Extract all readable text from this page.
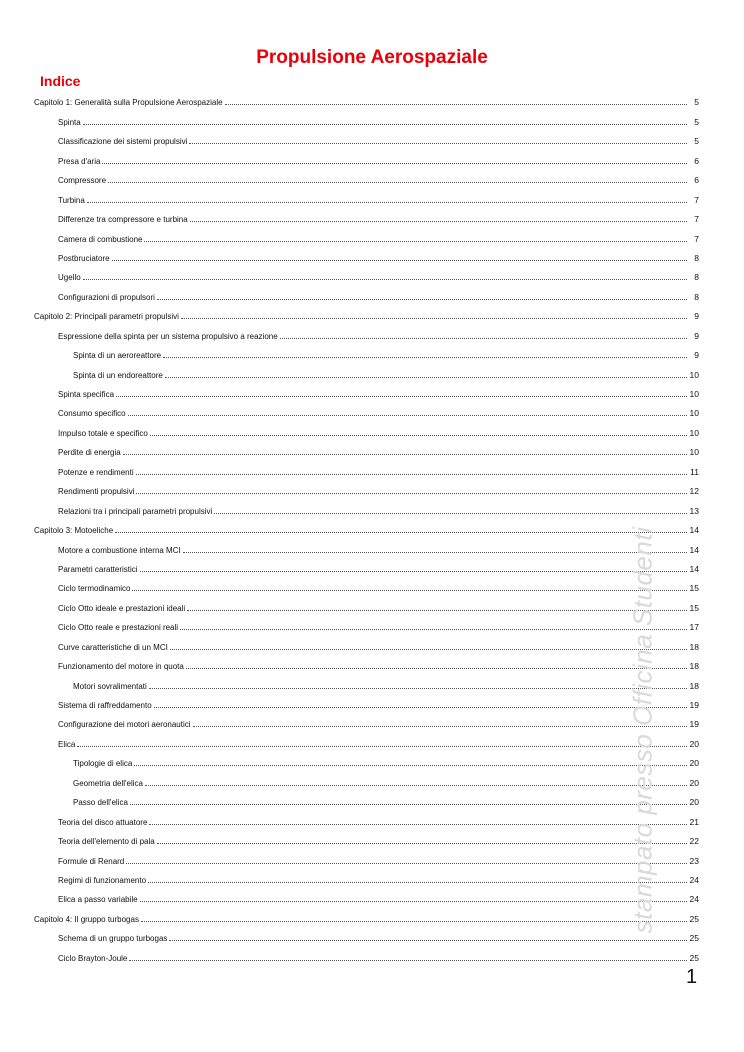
Propulsione Aerospaziale
Indice
Capitolo 1: Generalità sulla Propulsione Aerospaziale	5
Spinta	5
Classificazione dei sistemi propulsivi	5
Presa d'aria	6
Compressore	6
Turbina	7
Differenze tra compressore e turbina	7
Camera di combustione	7
Postbruciatore	8
Ugello	8
Configurazioni di propulsori	8
Capitolo 2: Principali parametri propulsivi	9
Espressione della spinta per un sistema propulsivo a reazione	9
Spinta di un aeroreattore	9
Spinta di un endoreattore	10
Spinta specifica	10
Consumo specifico	10
Impulso totale e specifico	10
Perdite di energia	10
Potenze e rendimenti	11
Rendimenti propulsivi	12
Relazioni tra i principali parametri propulsivi	13
Capitolo 3: Motoeliche	14
Motore a combustione interna MCI	14
Parametri caratteristici	14
Ciclo termodinamico	15
Ciclo Otto ideale e prestazioni ideali	15
Ciclo Otto reale e prestazioni reali	17
Curve caratteristiche di un MCI	18
Funzionamento del motore in quota	18
Motori sovralimentati	18
Sistema di raffreddamento	19
Configurazione dei motori aeronautici	19
Elica	20
Tipologie di elica	20
Geometria dell'elica	20
Passo dell'elica	20
Teoria del disco attuatore	21
Teoria dell'elemento di pala	22
Formule di Renard	23
Regimi di funzionamento	24
Elica a passo variabile	24
Capitolo 4: Il gruppo turbogas	25
Schema di un gruppo turbogas	25
Ciclo Brayton-Joule	25
stampato presso Officina Studenti
1
